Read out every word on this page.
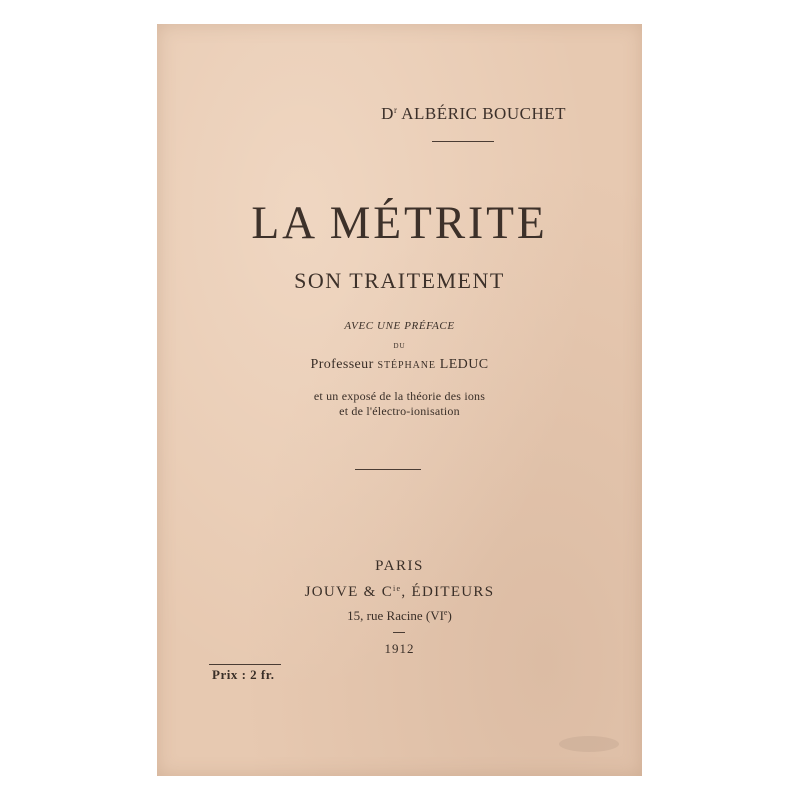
$D^r$ ALBÉRIC BOUCHET
LA MÉTRITE
SON TRAITEMENT
AVEC UNE PRÉFACE
DU
Professeur STÉPHANE LEDUC
et un exposé de la théorie des ions
et de l'électro-ionisation
PARIS
JOUVE & $C^{ie}$, ÉDITEURS
15, rue Racine (VIe)
1912
Prix : 2 fr.
